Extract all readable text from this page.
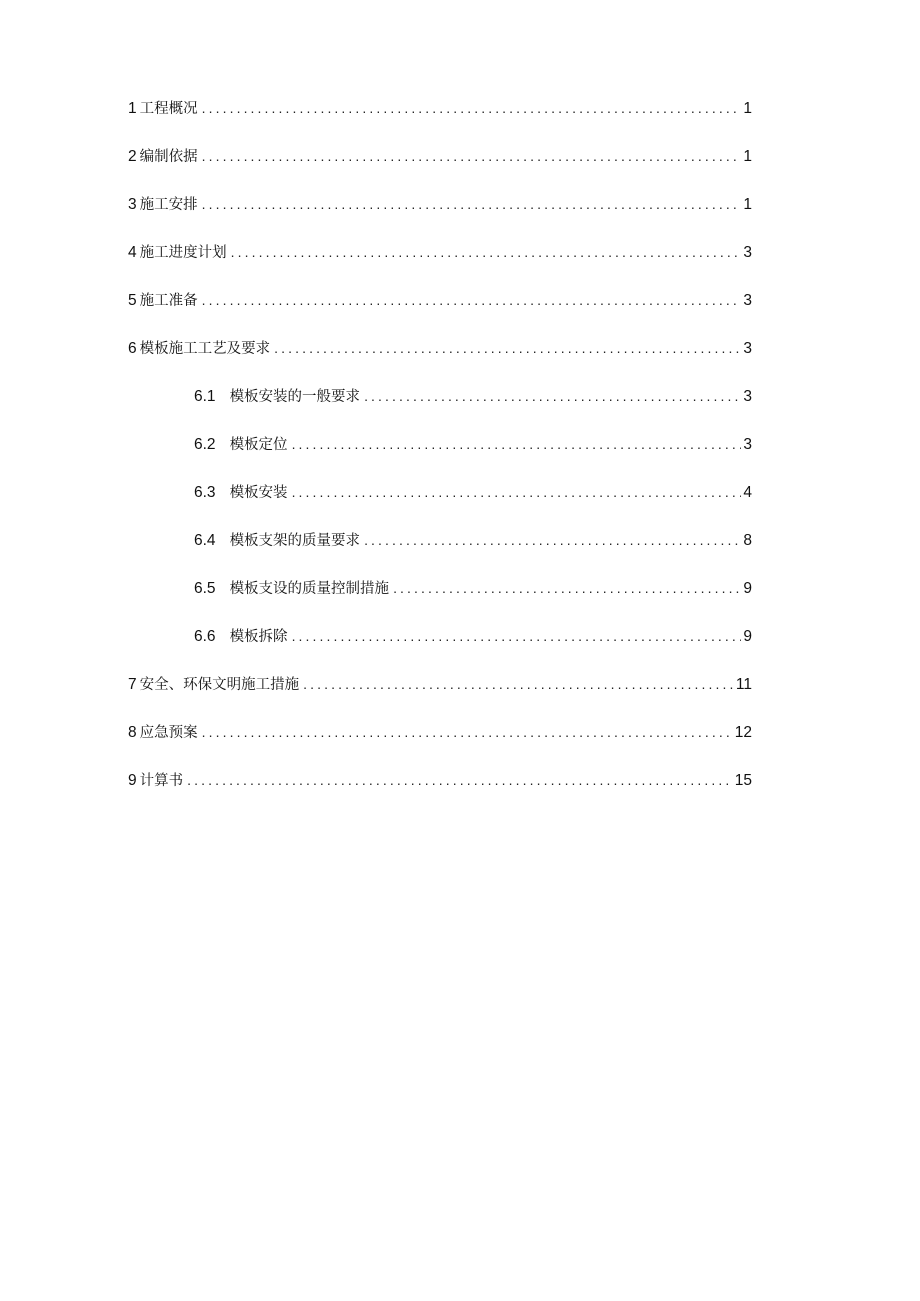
1 工程概况 .....	1
2 编制依据 .....	1
3 施工安排 .....	1
4 施工进度计划 .....	3
5 施工准备 .....	3
6 模板施工工艺及要求 .....	3
6.1 模板安装的一般要求 .....	3
6.2 模板定位 .....	3
6.3 模板安装 .....	4
6.4 模板支架的质量要求 .....	8
6.5 模板支设的质量控制措施 .....	9
6.6 模板拆除 .....	9
7 安全、环保文明施工措施 .....	11
8 应急预案 .....	12
9 计算书 .....	15
